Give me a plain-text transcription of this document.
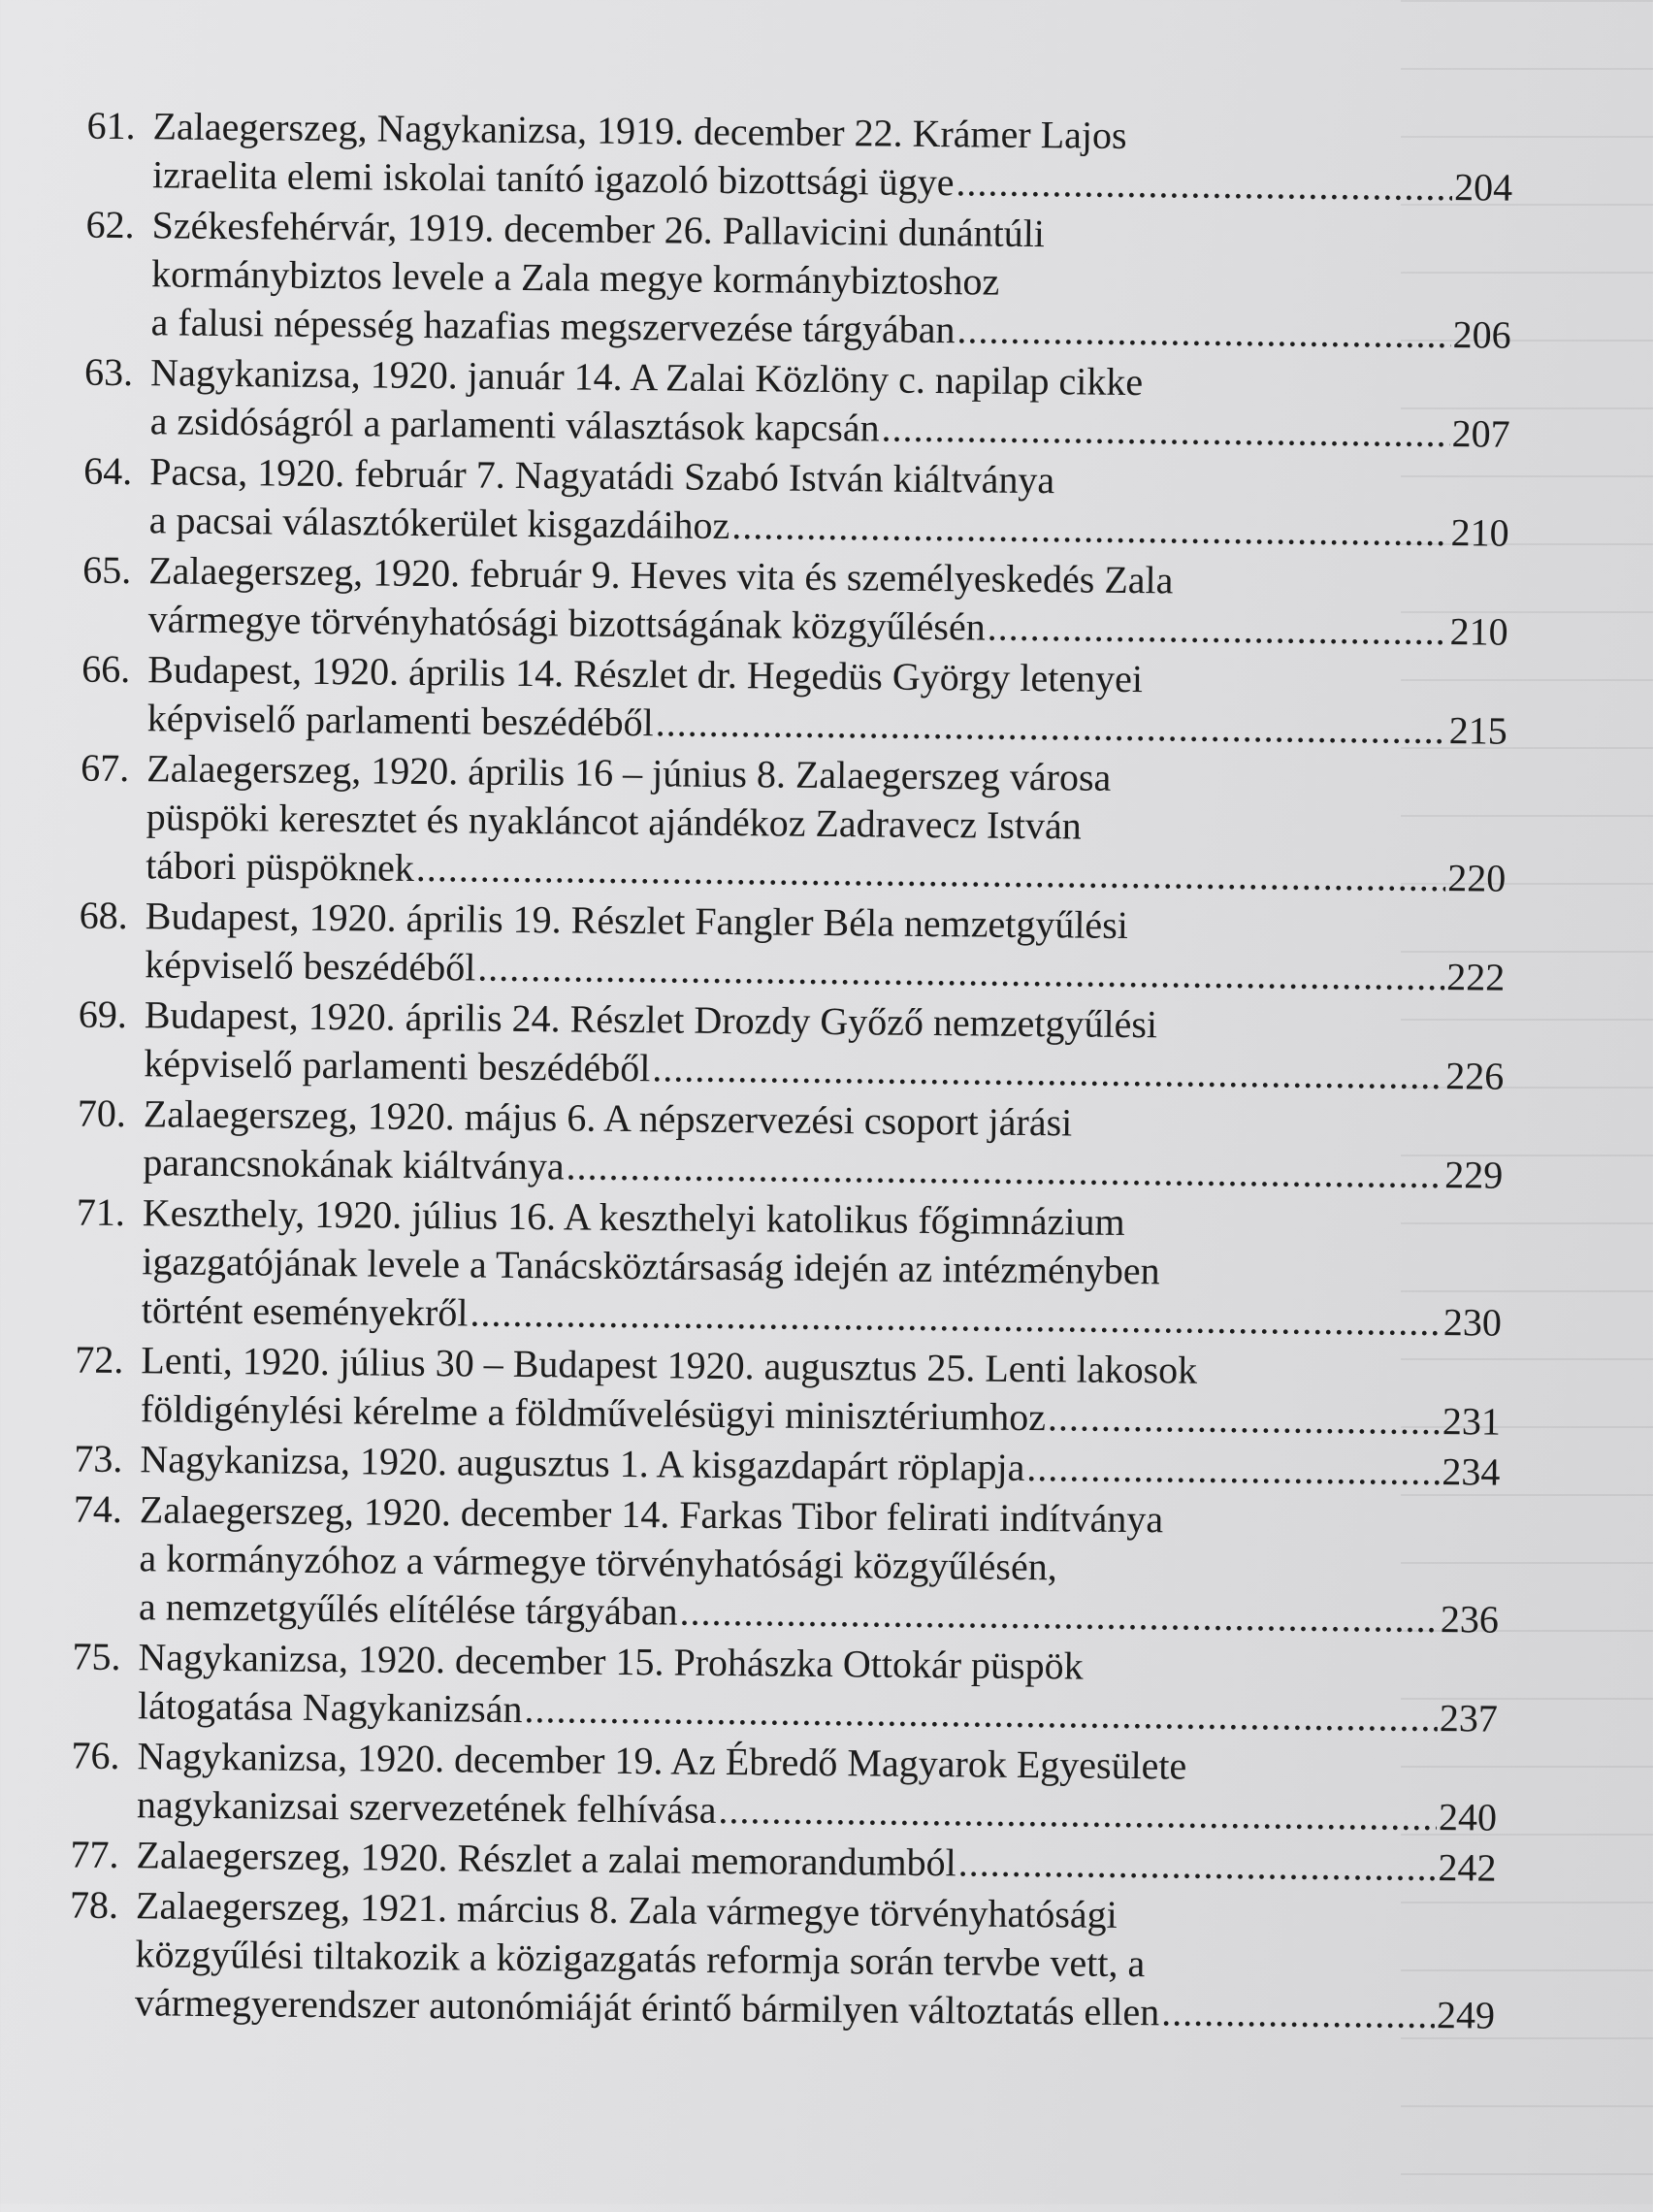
61. Zalaegerszeg, Nagykanizsa, 1919. december 22. Krámer Lajos
izraelita elemi iskolai tanító igazoló bizottsági ügye .....	204
62. Székesfehérvár, 1919. december 26. Pallavicini dunántúli
kormánybiztos levele a Zala megye kormánybiztoshoz
a falusi népesség hazafias megszervezése tárgyában .....	206
63. Nagykanizsa, 1920. január 14. A Zalai Közlöny c. napilap cikke
a zsidóságról a parlamenti választások kapcsán .....	207
64. Pacsa, 1920. február 7. Nagyatádi Szabó István kiáltványa
a pacsai választókerület kisgazdáihoz .....	210
65. Zalaegerszeg, 1920. február 9. Heves vita és személyeskedés Zala
vármegye törvényhatósági bizottságának közgyűlésén .....	210
66. Budapest, 1920. április 14. Részlet dr. Hegedüs György letenyei
képviselő parlamenti beszédéből .....	215
67. Zalaegerszeg, 1920. április 16 – június 8. Zalaegerszeg városa
püspöki keresztet és nyakláncot ajándékoz Zadravecz István
tábori püspöknek .....	220
68. Budapest, 1920. április 19. Részlet Fangler Béla nemzetgyűlési
képviselő beszédéből .....	222
69. Budapest, 1920. április 24. Részlet Drozdy Győző nemzetgyűlési
képviselő parlamenti beszédéből .....	226
70. Zalaegerszeg, 1920. május 6. A népszervezési csoport járási
parancsnokának kiáltványa .....	229
71. Keszthely, 1920. július 16. A keszthelyi katolikus főgimnázium
igazgatójának levele a Tanácsköztársaság idején az intézményben
történt eseményekről .....	230
72. Lenti, 1920. július 30 – Budapest 1920. augusztus 25. Lenti lakosok
földigénylési kérelme a földművelésügyi minisztériumhoz .....	231
73. Nagykanizsa, 1920. augusztus 1. A kisgazdapárt röplapja .....	234
74. Zalaegerszeg, 1920. december 14. Farkas Tibor felirati indítványa
a kormányzóhoz a vármegye törvényhatósági közgyűlésén,
a nemzetgyűlés elítélése tárgyában .....	236
75. Nagykanizsa, 1920. december 15. Prohászka Ottokár püspök
látogatása Nagykanizsán .....	237
76. Nagykanizsa, 1920. december 19. Az Ébredő Magyarok Egyesülete
nagykanizsai szervezetének felhívása .....	240
77. Zalaegerszeg, 1920. Részlet a zalai memorandumból .....	242
78. Zalaegerszeg, 1921. március 8. Zala vármegye törvényhatósági
közgyűlési tiltakozik a közigazgatás reformja során tervbe vett, a
vármegyerendszer autonómiáját érintő bármilyen változtatás ellen .....	249
